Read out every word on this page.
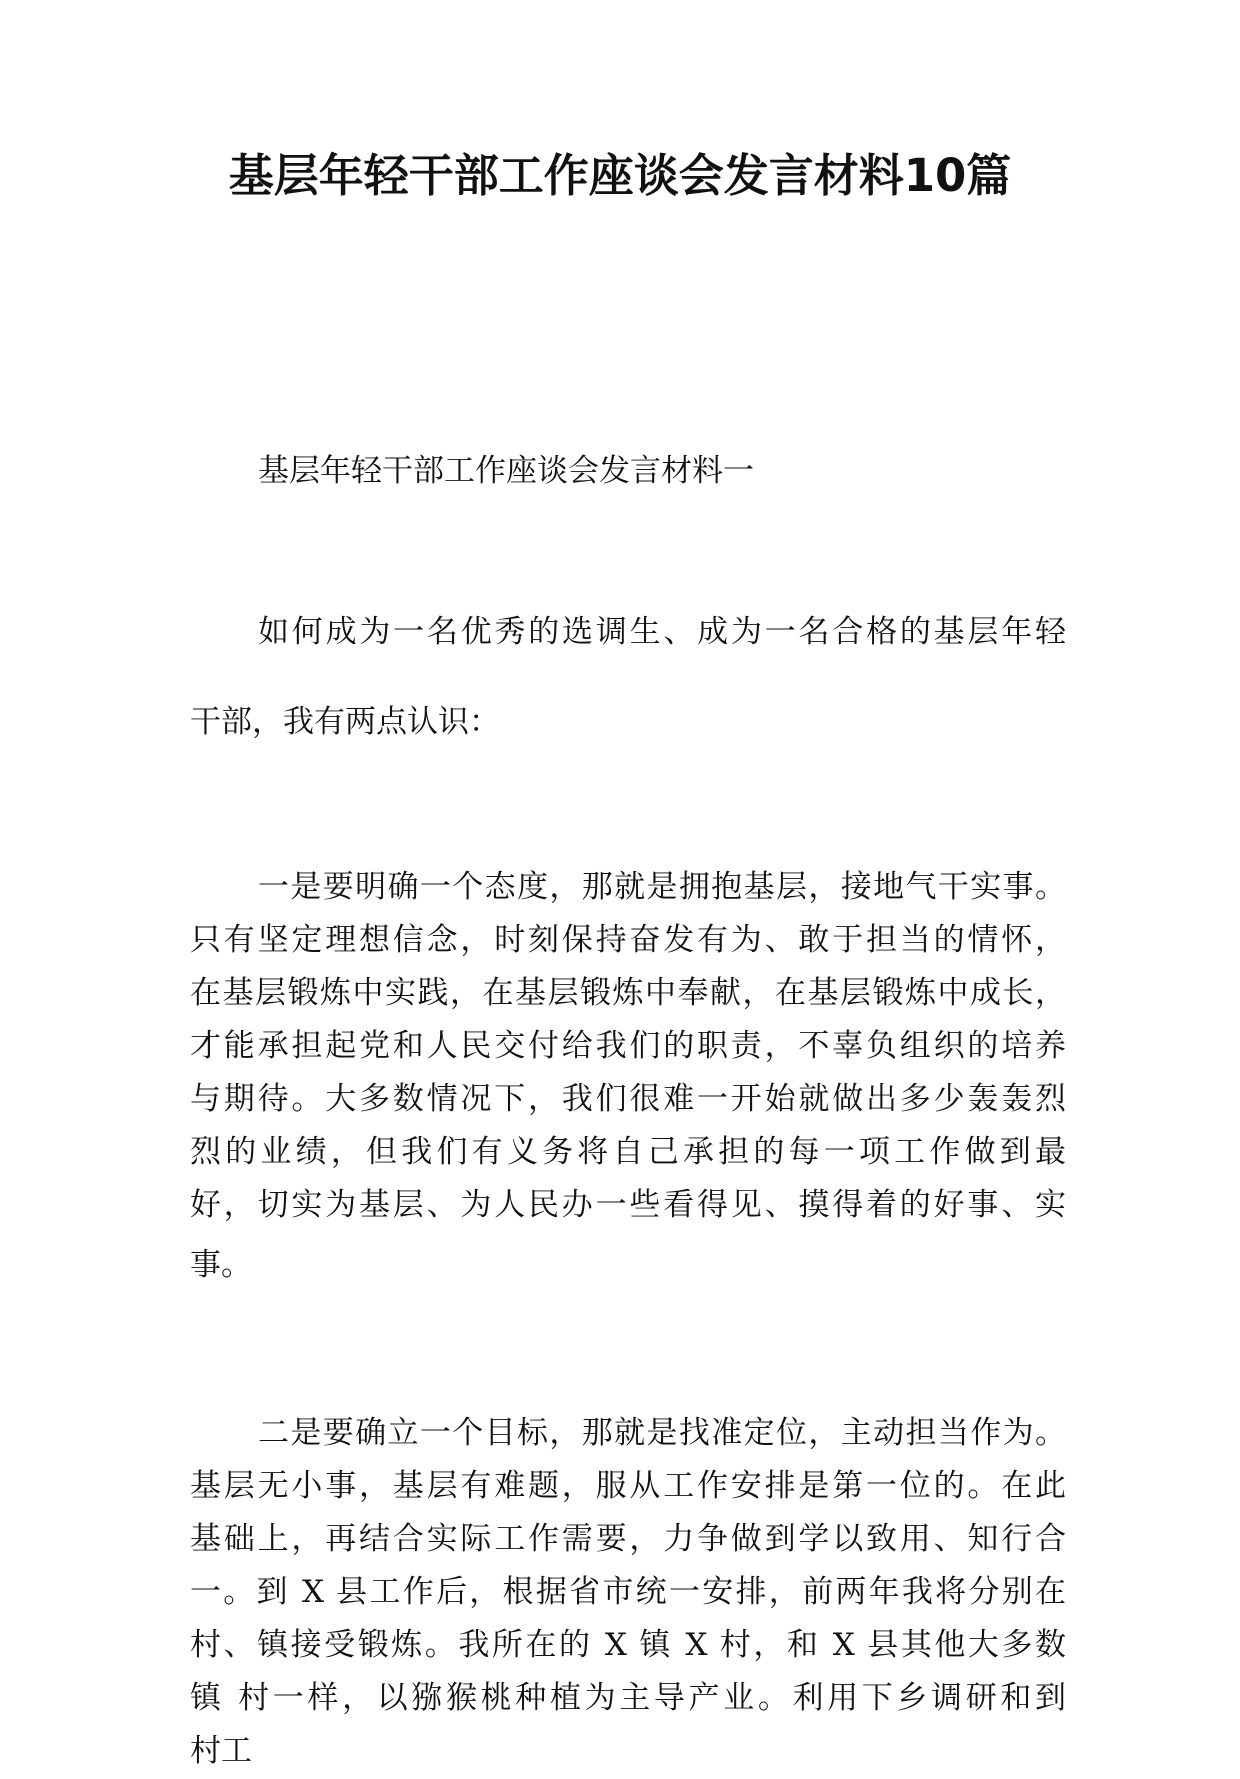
基层年轻干部工作座谈会发言材料10篇

基层年轻干部工作座谈会发言材料一

如何成为一名优秀的选调生、成为一名合格的基层年轻
干部，我有两点认识：
一是要明确一个态度，那就是拥抱基层，接地气干实事。
只有坚定理想信念，时刻保持奋发有为、敢于担当的情怀，
在基层锻炼中实践，在基层锻炼中奉献，在基层锻炼中成长，
才能承担起党和人民交付给我们的职责，不辜负组织的培养
与期待。大多数情况下，我们很难一开始就做出多少轰轰烈
烈的业绩，但我们有义务将自己承担的每一项工作做到最
好，切实为基层、为人民办一些看得见、摸得着的好事、实
事。
二是要确立一个目标，那就是找准定位，主动担当作为。
基层无小事，基层有难题，服从工作安排是第一位的。在此
基础上，再结合实际工作需要，力争做到学以致用、知行合
一。到 X 县工作后，根据省市统一安排，前两年我将分别在
村、镇接受锻炼。我所在的 X 镇 X 村，和 X 县其他大多数
镇 村一样，以猕猴桃种植为主导产业。利用下乡调研和到
村工
